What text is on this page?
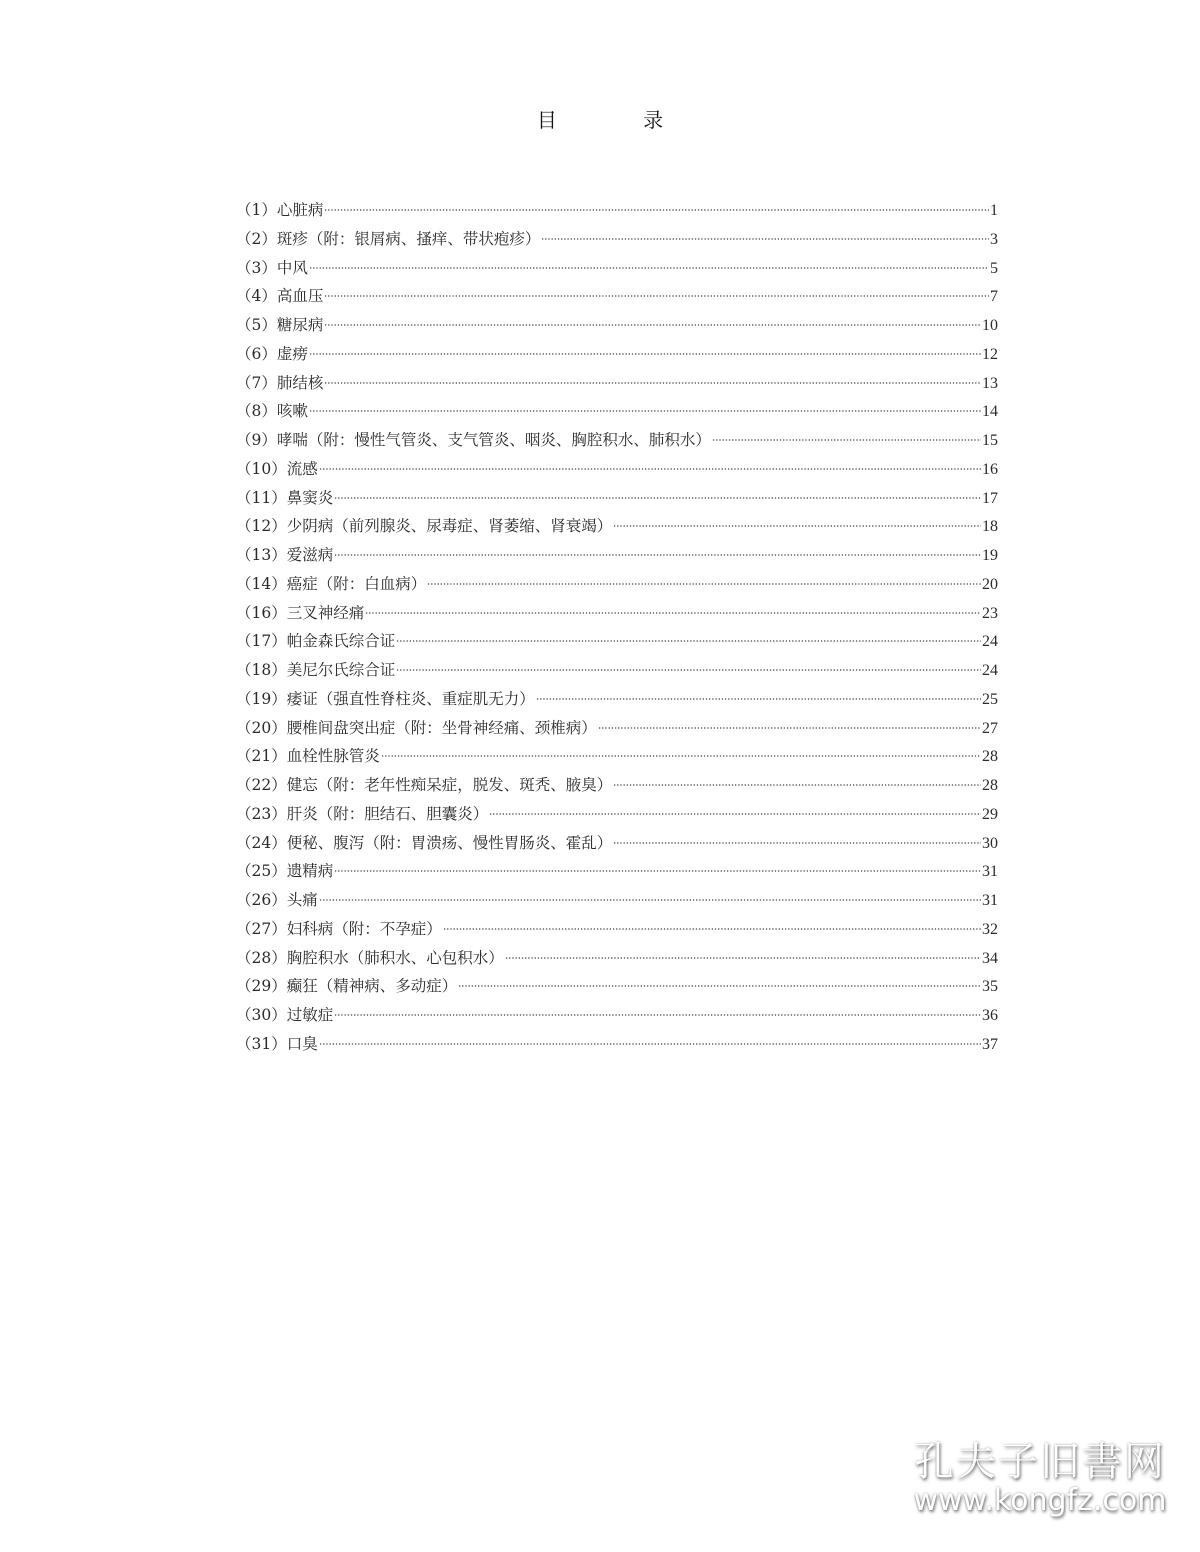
目 录
（1） 心脏病	1
（2） 斑疹（附：银屑病、搔痒、带状疱疹）	3
（3） 中风	5
（4） 高血压	7
（5） 糖尿病	10
（6） 虚痨	12
（7） 肺结核	13
（8） 咳嗽	14
（9） 哮喘（附：慢性气管炎、支气管炎、咽炎、胸腔积水、肺积水）	15
（10） 流感	16
（11） 鼻窦炎	17
（12） 少阴病（前列腺炎、尿毒症、肾萎缩、肾衰竭）	18
（13） 爱滋病	19
（14） 癌症（附：白血病）	20
（16） 三叉神经痛	23
（17） 帕金森氏综合证	24
（18） 美尼尔氏综合证	24
（19） 痿证（强直性脊柱炎、重症肌无力）	25
（20） 腰椎间盘突出症（附：坐骨神经痛、颈椎病）	27
（21） 血栓性脉管炎	28
（22） 健忘（附：老年性痴呆症，脱发、斑秃、腋臭）	28
（23） 肝炎（附：胆结石、胆囊炎）	29
（24） 便秘、腹泻（附：胃溃疡、慢性胃肠炎、霍乱）	30
（25） 遗精病	31
（26） 头痛	31
（27） 妇科病（附：不孕症）	32
（28） 胸腔积水（肺积水、心包积水）	34
（29） 癫狂（精神病、多动症）	35
（30） 过敏症	36
（31） 口臭	37
孔夫子旧書网
www.kongfz.com
